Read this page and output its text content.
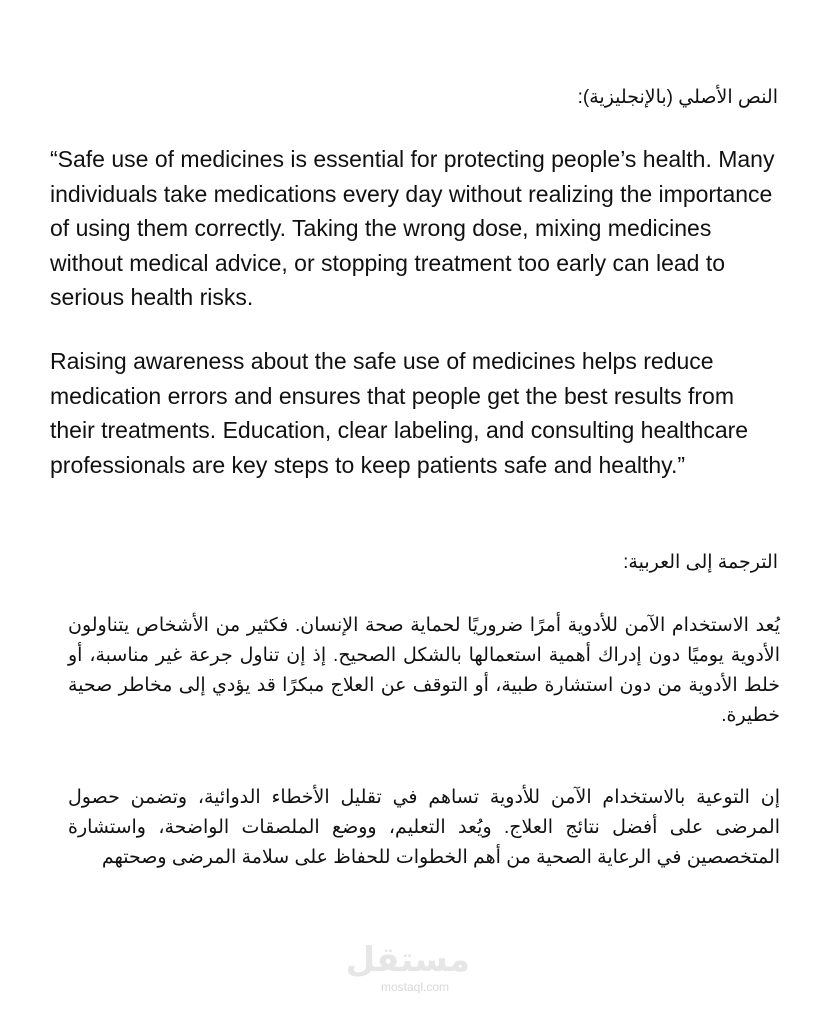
النص الأصلي (بالإنجليزية):

“Safe use of medicines is essential for protecting people’s health. Many individuals take medications every day without realizing the importance of using them correctly. Taking the wrong dose, mixing medicines without medical advice, or stopping treatment too early can lead to serious health risks.

Raising awareness about the safe use of medicines helps reduce medication errors and ensures that people get the best results from their treatments. Education, clear labeling, and consulting healthcare professionals are key steps to keep patients safe and healthy.”

الترجمة إلى العربية:

يُعد الاستخدام الآمن للأدوية أمرًا ضروريًا لحماية صحة الإنسان. فكثير من الأشخاص يتناولون الأدوية يوميًا دون إدراك أهمية استعمالها بالشكل الصحيح. إذ إن تناول جرعة غير مناسبة، أو خلط الأدوية من دون استشارة طبية، أو التوقف عن العلاج مبكرًا قد يؤدي إلى مخاطر صحية خطيرة.

إن التوعية بالاستخدام الآمن للأدوية تساهم في تقليل الأخطاء الدوائية، وتضمن حصول المرضى على أفضل نتائج العلاج. ويُعد التعليم، ووضع الملصقات الواضحة، واستشارة المتخصصين في الرعاية الصحية من أهم الخطوات للحفاظ على سلامة المرضى وصحتهم

مستقل
mostaql.com
